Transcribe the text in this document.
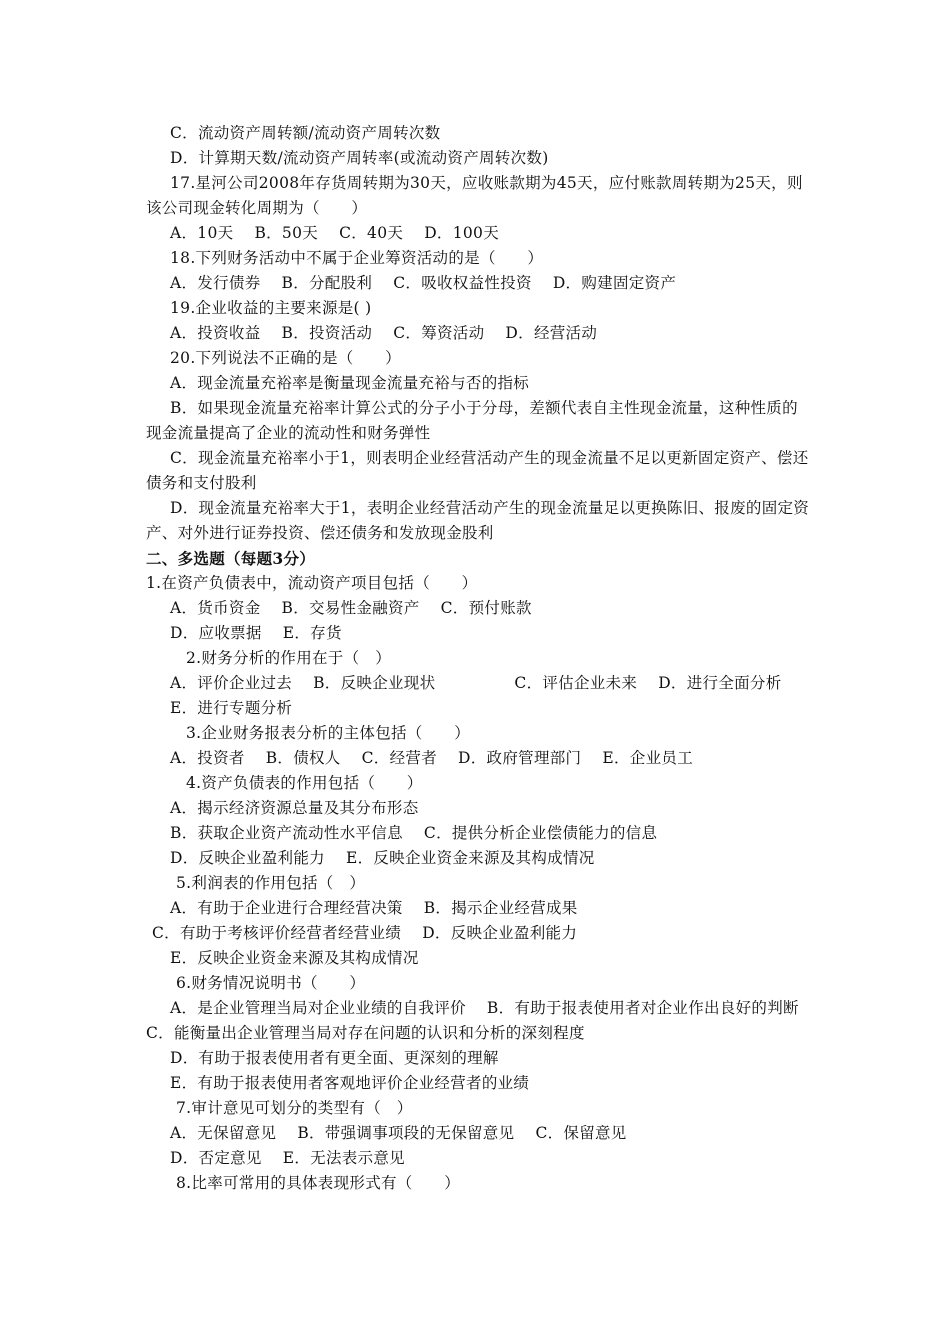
C．流动资产周转额/流动资产周转次数
D．计算期天数/流动资产周转率(或流动资产周转次数)
17.星河公司2008年存货周转期为30天，应收账款期为45天，应付账款周转期为25天，则该公司现金转化周期为（　　）
A．10天　 B．50天　 C．40天　 D．100天
18.下列财务活动中不属于企业筹资活动的是（　　）
A．发行债券　 B．分配股利　 C．吸收权益性投资　 D．购建固定资产
19.企业收益的主要来源是( )
A．投资收益　 B．投资活动　 C．筹资活动　 D．经营活动
20.下列说法不正确的是（　　）
A．现金流量充裕率是衡量现金流量充裕与否的指标
B．如果现金流量充裕率计算公式的分子小于分母，差额代表自主性现金流量，这种性质的现金流量提高了企业的流动性和财务弹性
C．现金流量充裕率小于1，则表明企业经营活动产生的现金流量不足以更新固定资产、偿还债务和支付股利
D．现金流量充裕率大于1，表明企业经营活动产生的现金流量足以更换陈旧、报废的固定资产、对外进行证券投资、偿还债务和发放现金股利
二、多选题（每题3分）
1.在资产负债表中，流动资产项目包括（　　）
A．货币资金　 B．交易性金融资产　 C．预付账款
D．应收票据　 E．存货
2.财务分析的作用在于（　）
A．评价企业过去　 B．反映企业现状　　　　　C．评估企业未来　 D．进行全面分析
E．进行专题分析
3.企业财务报表分析的主体包括（　　）
A．投资者　 B．债权人　 C．经营者　 D．政府管理部门　 E．企业员工
4.资产负债表的作用包括（　　）
A．揭示经济资源总量及其分布形态
B．获取企业资产流动性水平信息　 C．提供分析企业偿债能力的信息
D．反映企业盈利能力　 E．反映企业资金来源及其构成情况
5.利润表的作用包括（　）
A．有助于企业进行合理经营决策　 B．揭示企业经营成果
C．有助于考核评价经营者经营业绩　 D．反映企业盈利能力
E．反映企业资金来源及其构成情况
6.财务情况说明书（　　）
A．是企业管理当局对企业业绩的自我评价　 B．有助于报表使用者对企业作出良好的判断　 C．能衡量出企业管理当局对存在问题的认识和分析的深刻程度
D．有助于报表使用者有更全面、更深刻的理解
E．有助于报表使用者客观地评价企业经营者的业绩
7.审计意见可划分的类型有（　）
A．无保留意见　 B．带强调事项段的无保留意见　 C．保留意见
D．否定意见　 E．无法表示意见
8.比率可常用的具体表现形式有（　　）
